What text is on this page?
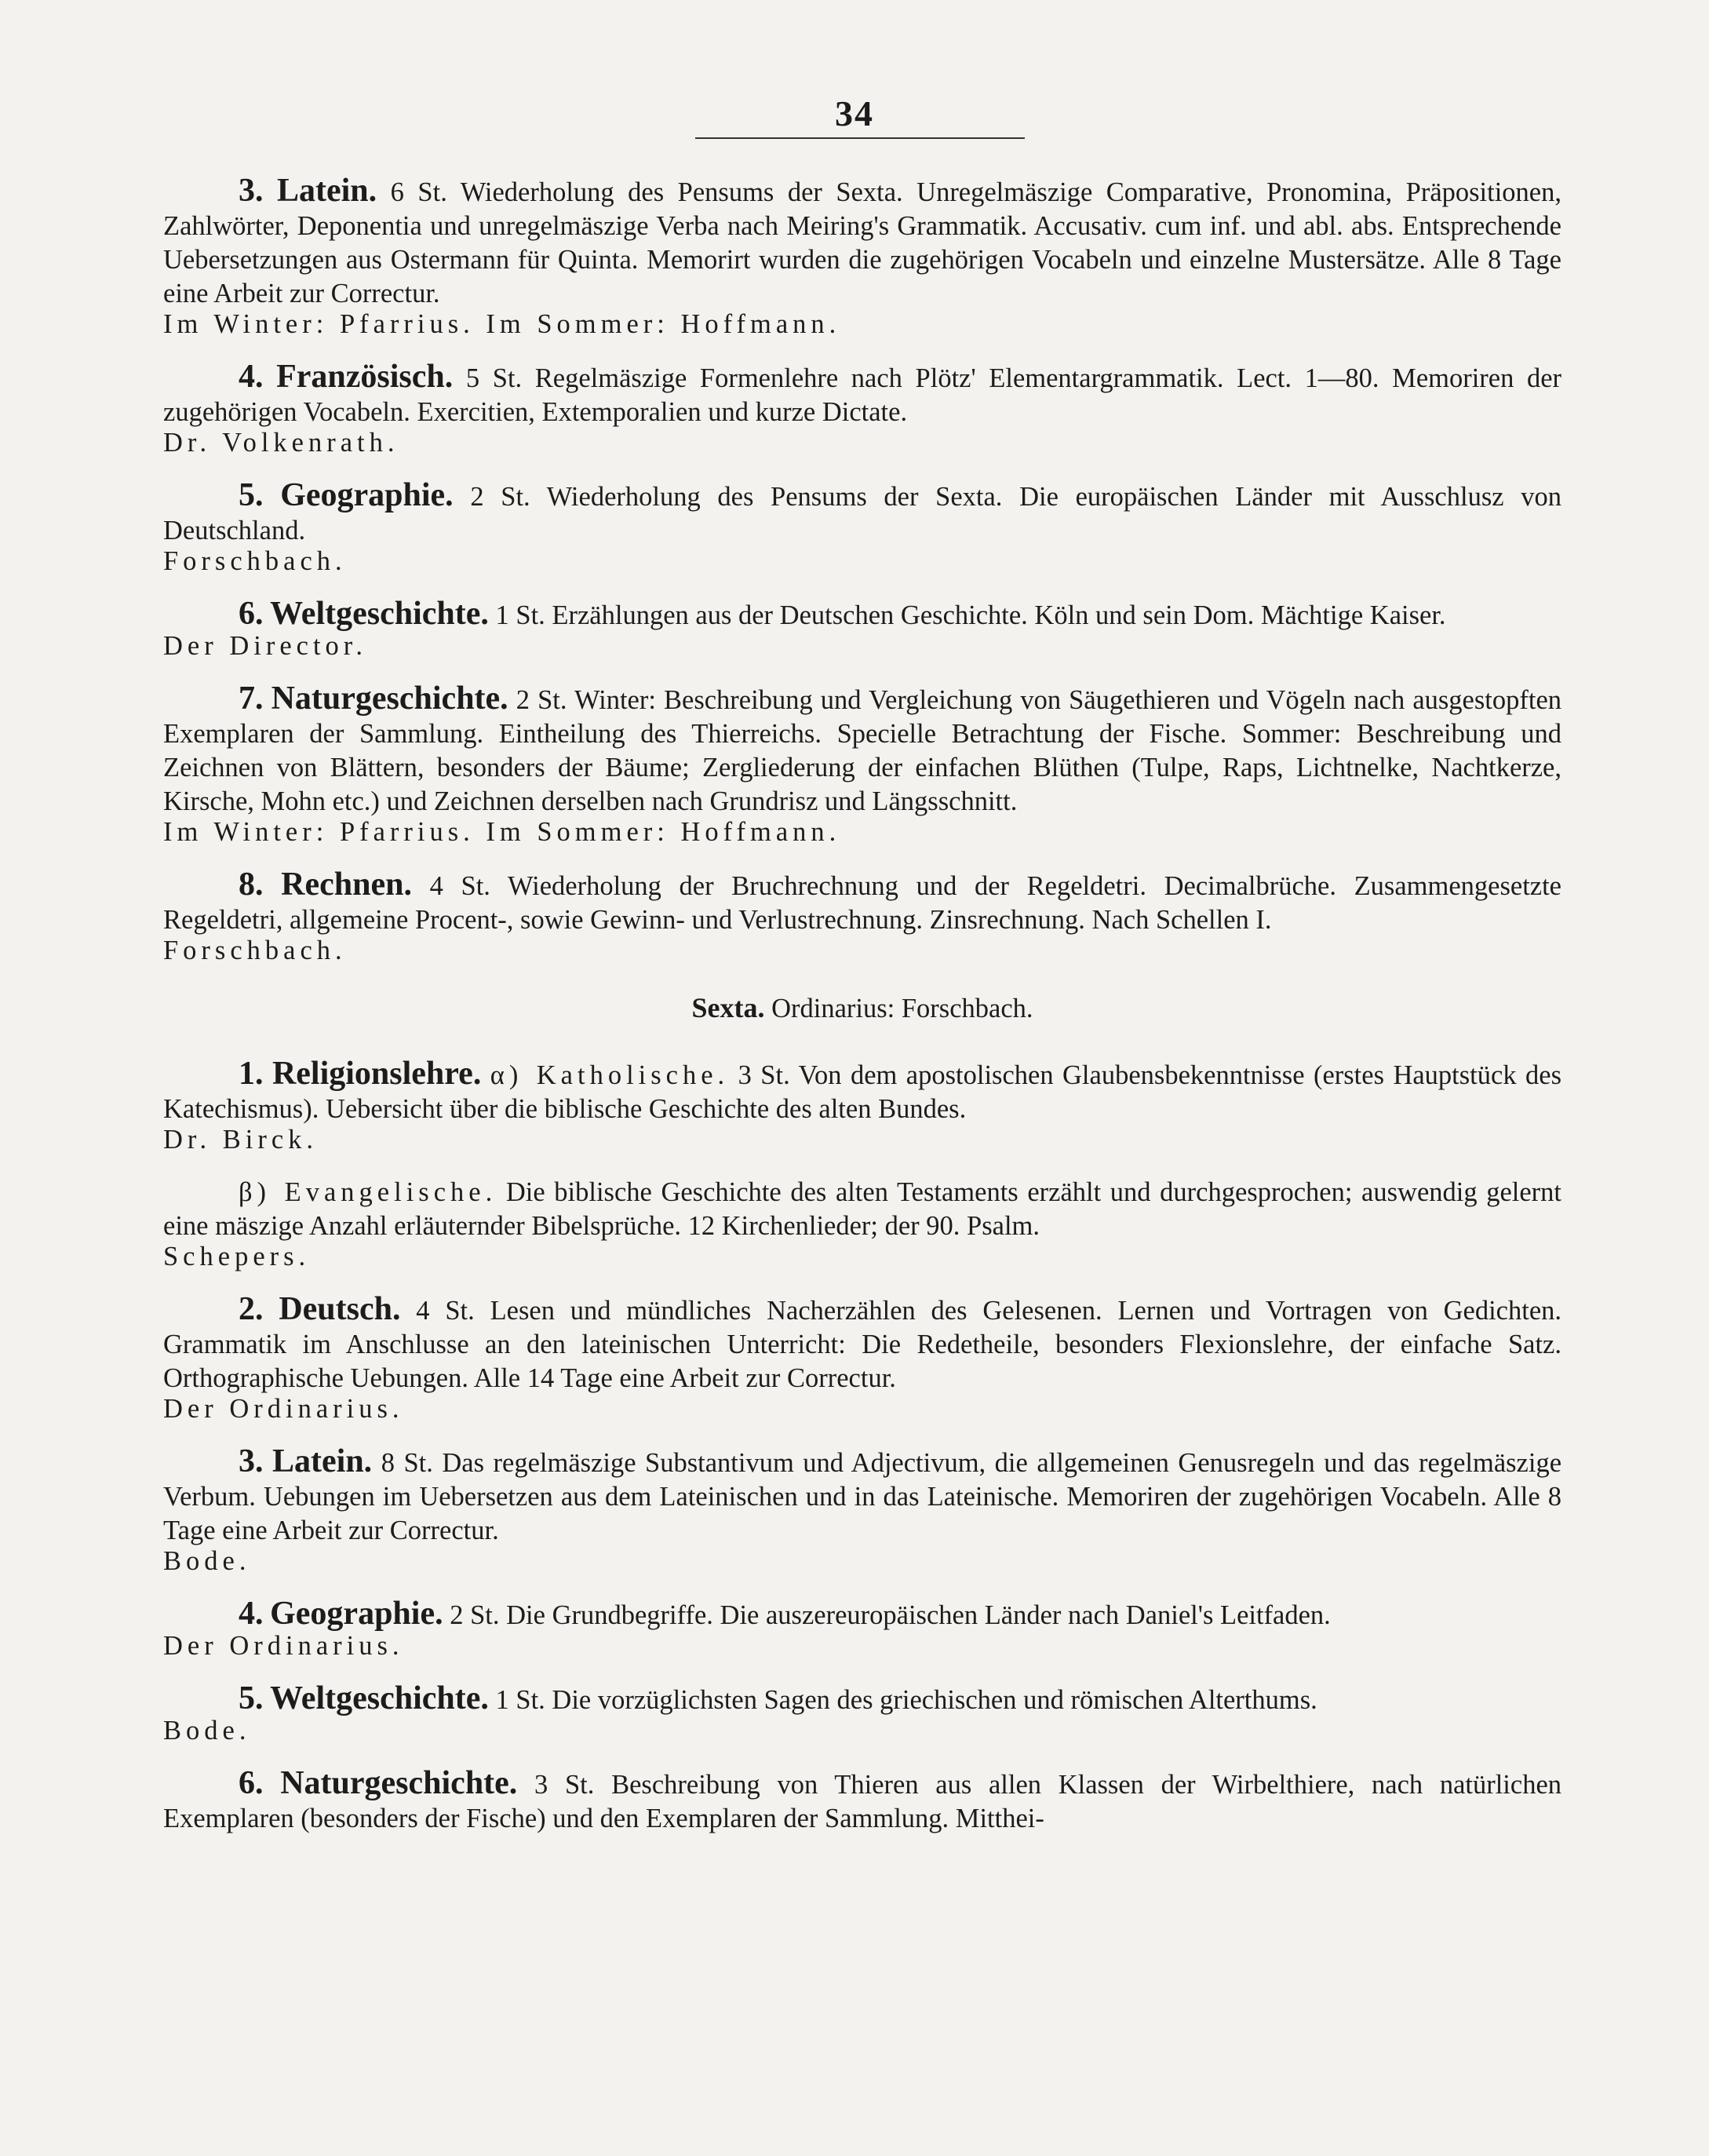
34
3. Latein. 6 St. Wiederholung des Pensums der Sexta. Unregelmäszige Comparative, Pronomina, Präpositionen, Zahlwörter, Deponentia und unregelmäszige Verba nach Meiring's Grammatik. Accusativ. cum inf. und abl. abs. Entsprechende Uebersetzungen aus Ostermann für Quinta. Memorirt wurden die zugehörigen Vocabeln und einzelne Mustersätze. Alle 8 Tage eine Arbeit zur Correctur.
Im Winter: Pfarrius. Im Sommer: Hoffmann.
4. Französisch. 5 St. Regelmäszige Formenlehre nach Plötz' Elementargrammatik. Lect. 1—80. Memoriren der zugehörigen Vocabeln. Exercitien, Extemporalien und kurze Dictate.
Dr. Volkenrath.
5. Geographie. 2 St. Wiederholung des Pensums der Sexta. Die europäischen Länder mit Ausschlusz von Deutschland.
Forschbach.
6. Weltgeschichte. 1 St. Erzählungen aus der Deutschen Geschichte. Köln und sein Dom. Mächtige Kaiser.
Der Director.
7. Naturgeschichte. 2 St. Winter: Beschreibung und Vergleichung von Säugethieren und Vögeln nach ausgestopften Exemplaren der Sammlung. Eintheilung des Thierreichs. Specielle Betrachtung der Fische. Sommer: Beschreibung und Zeichnen von Blättern, besonders der Bäume; Zergliederung der einfachen Blüthen (Tulpe, Raps, Lichtnelke, Nachtkerze, Kirsche, Mohn etc.) und Zeichnen derselben nach Grundrisz und Längsschnitt.
Im Winter: Pfarrius. Im Sommer: Hoffmann.
8. Rechnen. 4 St. Wiederholung der Bruchrechnung und der Regeldetri. Decimalbrüche. Zusammengesetzte Regeldetri, allgemeine Procent-, sowie Gewinn- und Verlustrechnung. Zinsrechnung. Nach Schellen I.
Forschbach.
Sexta. Ordinarius: Forschbach.
1. Religionslehre. α) Katholische. 3 St. Von dem apostolischen Glaubensbekenntnisse (erstes Hauptstück des Katechismus). Uebersicht über die biblische Geschichte des alten Bundes.
Dr. Birck.
β) Evangelische. Die biblische Geschichte des alten Testaments erzählt und durchgesprochen; auswendig gelernt eine mäszige Anzahl erläuternder Bibelsprüche. 12 Kirchenlieder; der 90. Psalm.
Schepers.
2. Deutsch. 4 St. Lesen und mündliches Nacherzählen des Gelesenen. Lernen und Vortragen von Gedichten. Grammatik im Anschlusse an den lateinischen Unterricht: Die Redetheile, besonders Flexionslehre, der einfache Satz. Orthographische Uebungen. Alle 14 Tage eine Arbeit zur Correctur.
Der Ordinarius.
3. Latein. 8 St. Das regelmäszige Substantivum und Adjectivum, die allgemeinen Genusregeln und das regelmäszige Verbum. Uebungen im Uebersetzen aus dem Lateinischen und in das Lateinische. Memoriren der zugehörigen Vocabeln. Alle 8 Tage eine Arbeit zur Correctur.
Bode.
4. Geographie. 2 St. Die Grundbegriffe. Die auszereuropäischen Länder nach Daniel's Leitfaden.
Der Ordinarius.
5. Weltgeschichte. 1 St. Die vorzüglichsten Sagen des griechischen und römischen Alterthums.
Bode.
6. Naturgeschichte. 3 St. Beschreibung von Thieren aus allen Klassen der Wirbelthiere, nach natürlichen Exemplaren (besonders der Fische) und den Exemplaren der Sammlung. Mitthei-
